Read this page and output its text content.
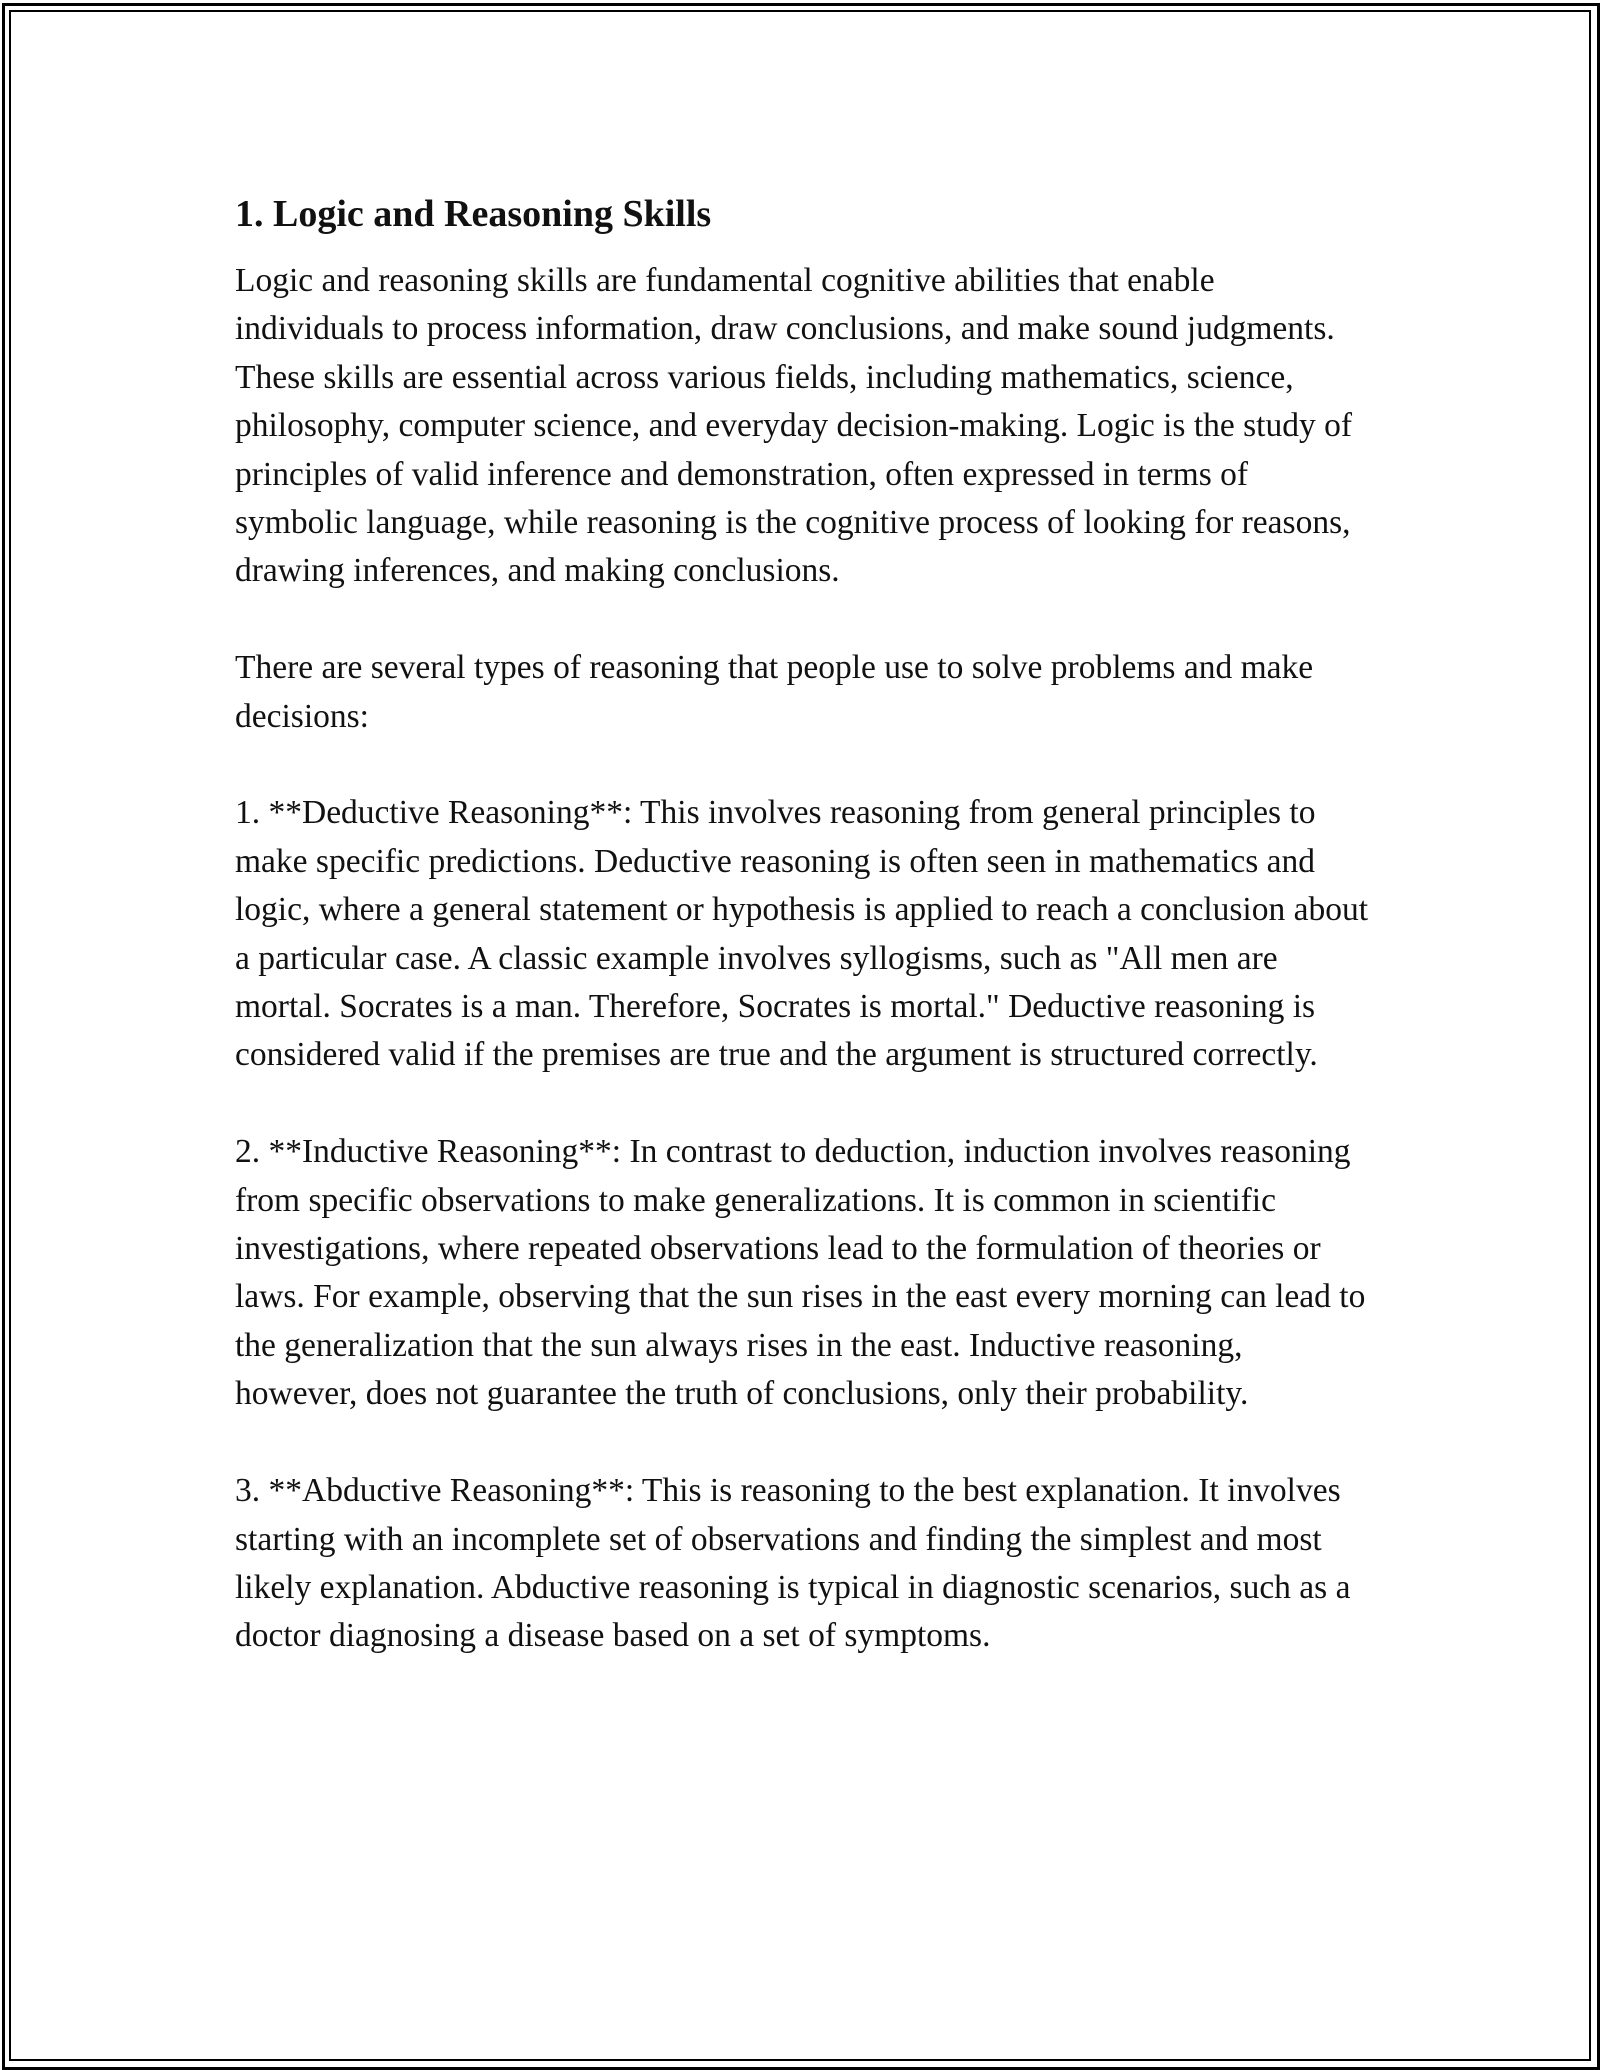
1. Logic and Reasoning Skills

Logic and reasoning skills are fundamental cognitive abilities that enable individuals to process information, draw conclusions, and make sound judgments. These skills are essential across various fields, including mathematics, science, philosophy, computer science, and everyday decision-making. Logic is the study of principles of valid inference and demonstration, often expressed in terms of symbolic language, while reasoning is the cognitive process of looking for reasons, drawing inferences, and making conclusions.

There are several types of reasoning that people use to solve problems and make decisions:

1. **Deductive Reasoning**: This involves reasoning from general principles to make specific predictions. Deductive reasoning is often seen in mathematics and logic, where a general statement or hypothesis is applied to reach a conclusion about a particular case. A classic example involves syllogisms, such as "All men are mortal. Socrates is a man. Therefore, Socrates is mortal." Deductive reasoning is considered valid if the premises are true and the argument is structured correctly.

2. **Inductive Reasoning**: In contrast to deduction, induction involves reasoning from specific observations to make generalizations. It is common in scientific investigations, where repeated observations lead to the formulation of theories or laws. For example, observing that the sun rises in the east every morning can lead to the generalization that the sun always rises in the east. Inductive reasoning, however, does not guarantee the truth of conclusions, only their probability.

3. **Abductive Reasoning**: This is reasoning to the best explanation. It involves starting with an incomplete set of observations and finding the simplest and most likely explanation. Abductive reasoning is typical in diagnostic scenarios, such as a doctor diagnosing a disease based on a set of symptoms.
